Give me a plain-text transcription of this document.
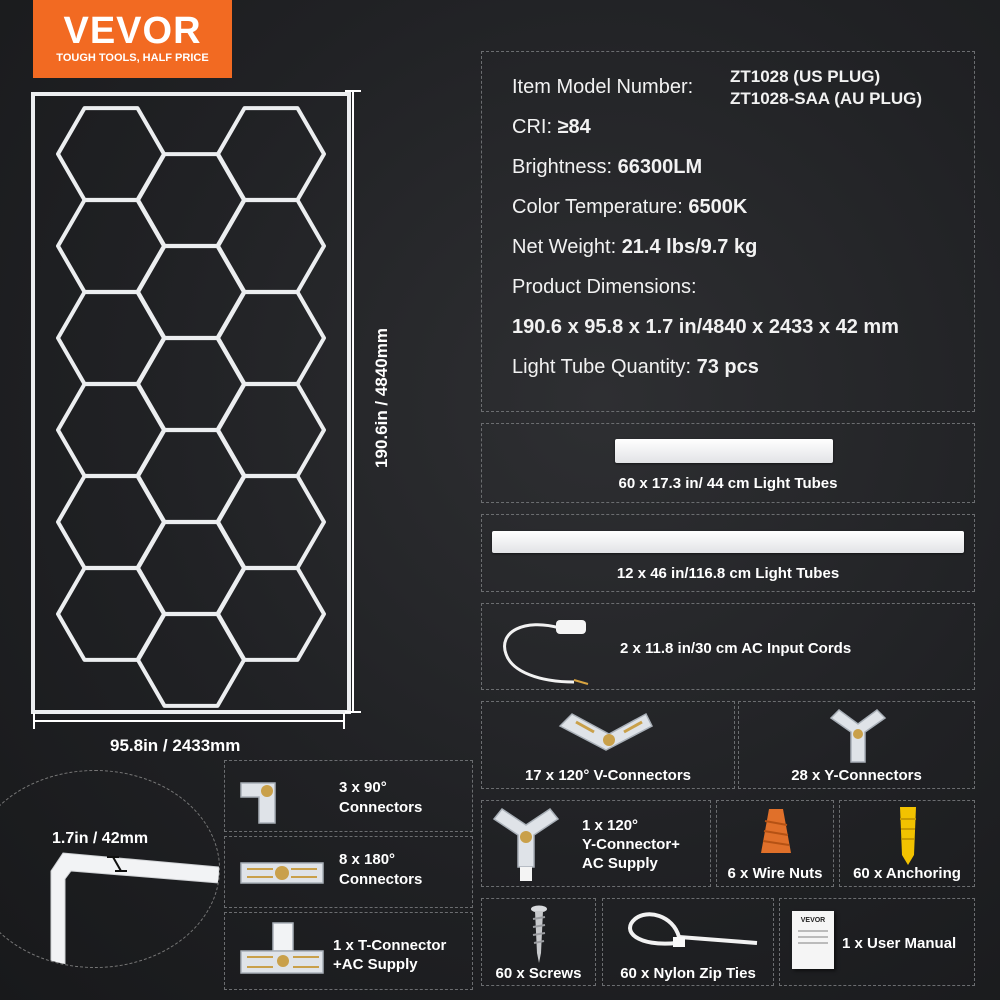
VEVOR
TOUGH TOOLS, HALF PRICE
190.6in / 4840mm
95.8in / 2433mm
1.7in / 42mm
Item Model Number: ZT1028 (US PLUG)
ZT1028-SAA (AU PLUG)
CRI: ≥84
Brightness: 66300LM
Color Temperature: 6500K
Net Weight: 21.4 lbs/9.7 kg
Product Dimensions:
190.6 x 95.8 x 1.7 in/4840 x 2433 x 42 mm
Light Tube Quantity: 73 pcs
60 x 17.3 in/ 44 cm Light Tubes
12 x 46 in/116.8 cm Light Tubes
2 x 11.8 in/30 cm AC Input Cords
17 x 120° V-Connectors	28 x Y-Connectors
1 x 120°
Y-Connector+
AC Supply
6 x Wire Nuts	60 x Anchoring
60 x Screws	60 x Nylon Zip Ties
VEVOR
1 x User Manual
3 x 90°
Connectors
8 x 180°
Connectors
1 x T-Connector
+AC Supply
